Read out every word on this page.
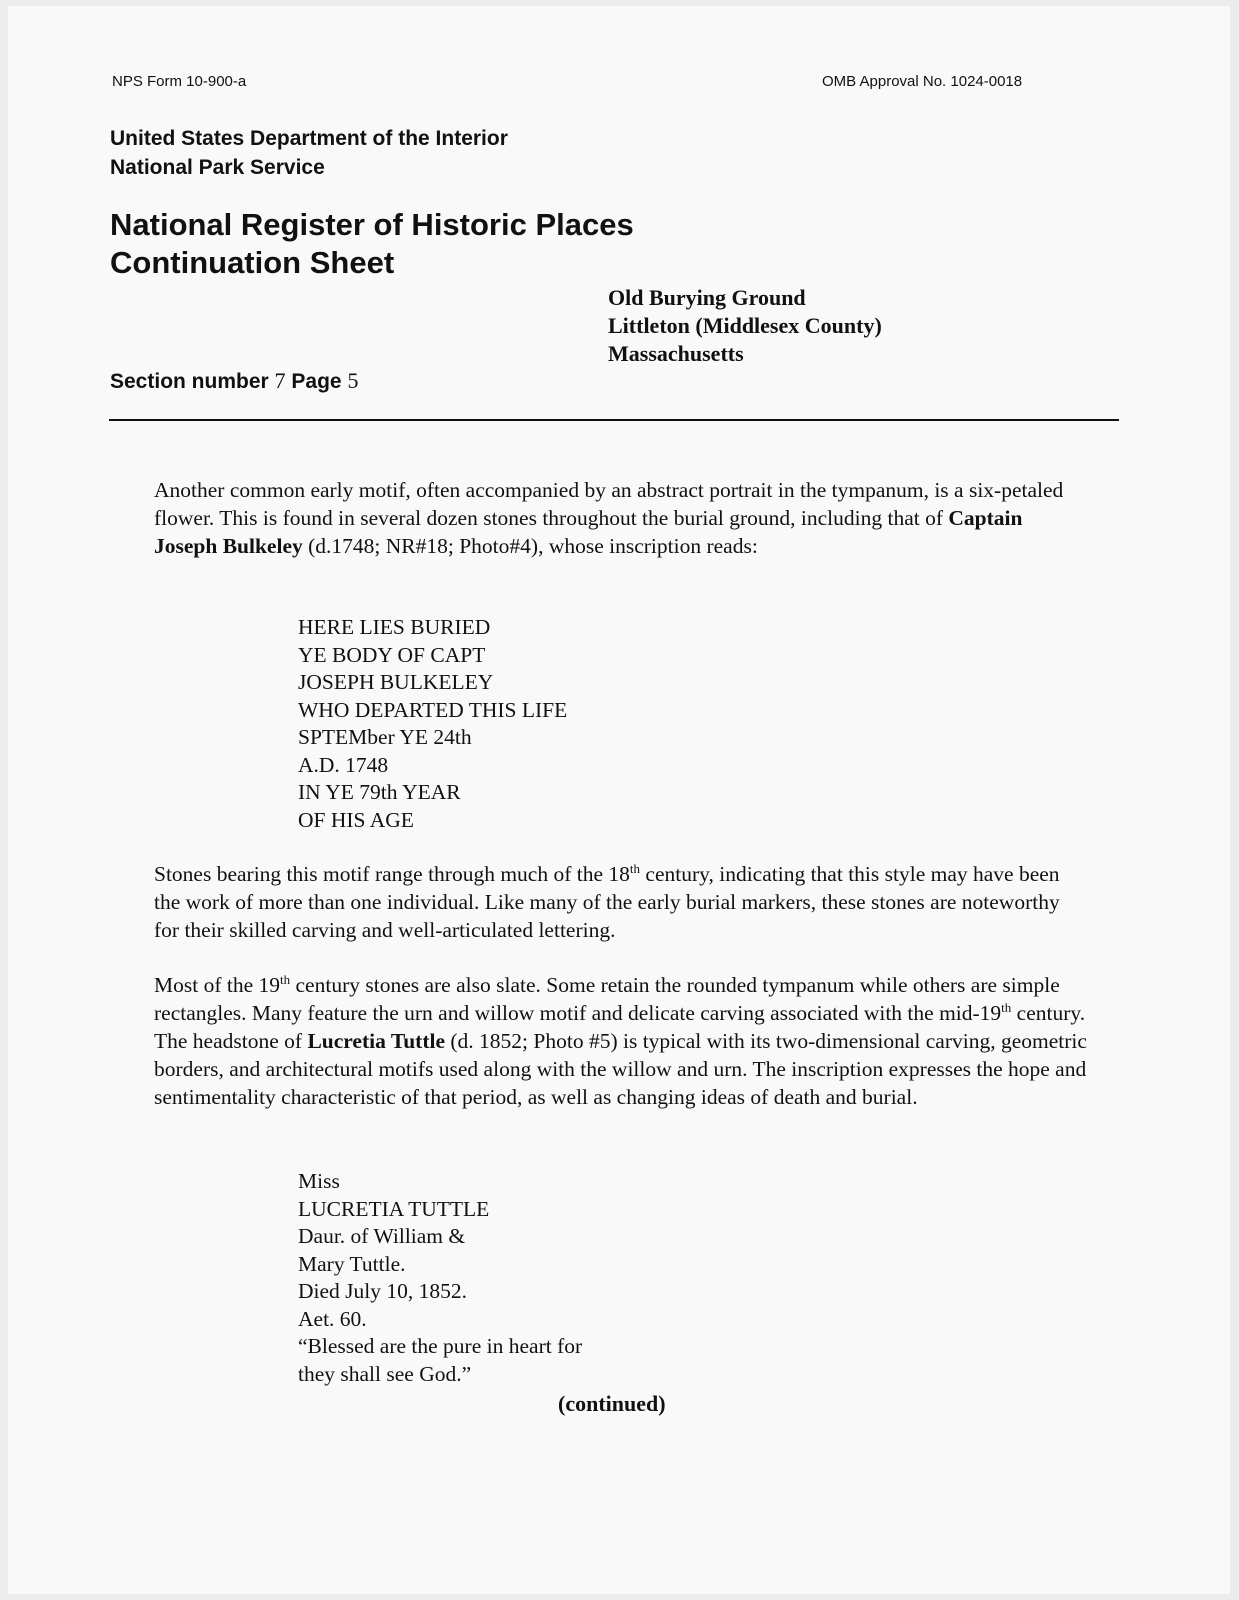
NPS Form 10-900-a	OMB Approval No. 1024-0018
United States Department of the Interior
National Park Service
National Register of Historic Places
Continuation Sheet
Old Burying Ground
Littleton (Middlesex County)
Massachusetts
Section number 7 Page 5

Another common early motif, often accompanied by an abstract portrait in the tympanum, is a six-petaled flower. This is found in several dozen stones throughout the burial ground, including that of Captain Joseph Bulkeley (d.1748; NR#18; Photo#4), whose inscription reads:

HERE LIES BURIED
YE BODY OF CAPT
JOSEPH BULKELEY
WHO DEPARTED THIS LIFE
SPTEMber YE 24th
A.D. 1748
IN YE 79th YEAR
OF HIS AGE

Stones bearing this motif range through much of the 18th century, indicating that this style may have been the work of more than one individual. Like many of the early burial markers, these stones are noteworthy for their skilled carving and well-articulated lettering.

Most of the 19th century stones are also slate. Some retain the rounded tympanum while others are simple rectangles. Many feature the urn and willow motif and delicate carving associated with the mid-19th century. The headstone of Lucretia Tuttle (d. 1852; Photo #5) is typical with its two-dimensional carving, geometric borders, and architectural motifs used along with the willow and urn. The inscription expresses the hope and sentimentality characteristic of that period, as well as changing ideas of death and burial.

Miss
LUCRETIA TUTTLE
Daur. of William &
Mary Tuttle.
Died July 10, 1852.
Aet. 60.
“Blessed are the pure in heart for
they shall see God.”
(continued)
